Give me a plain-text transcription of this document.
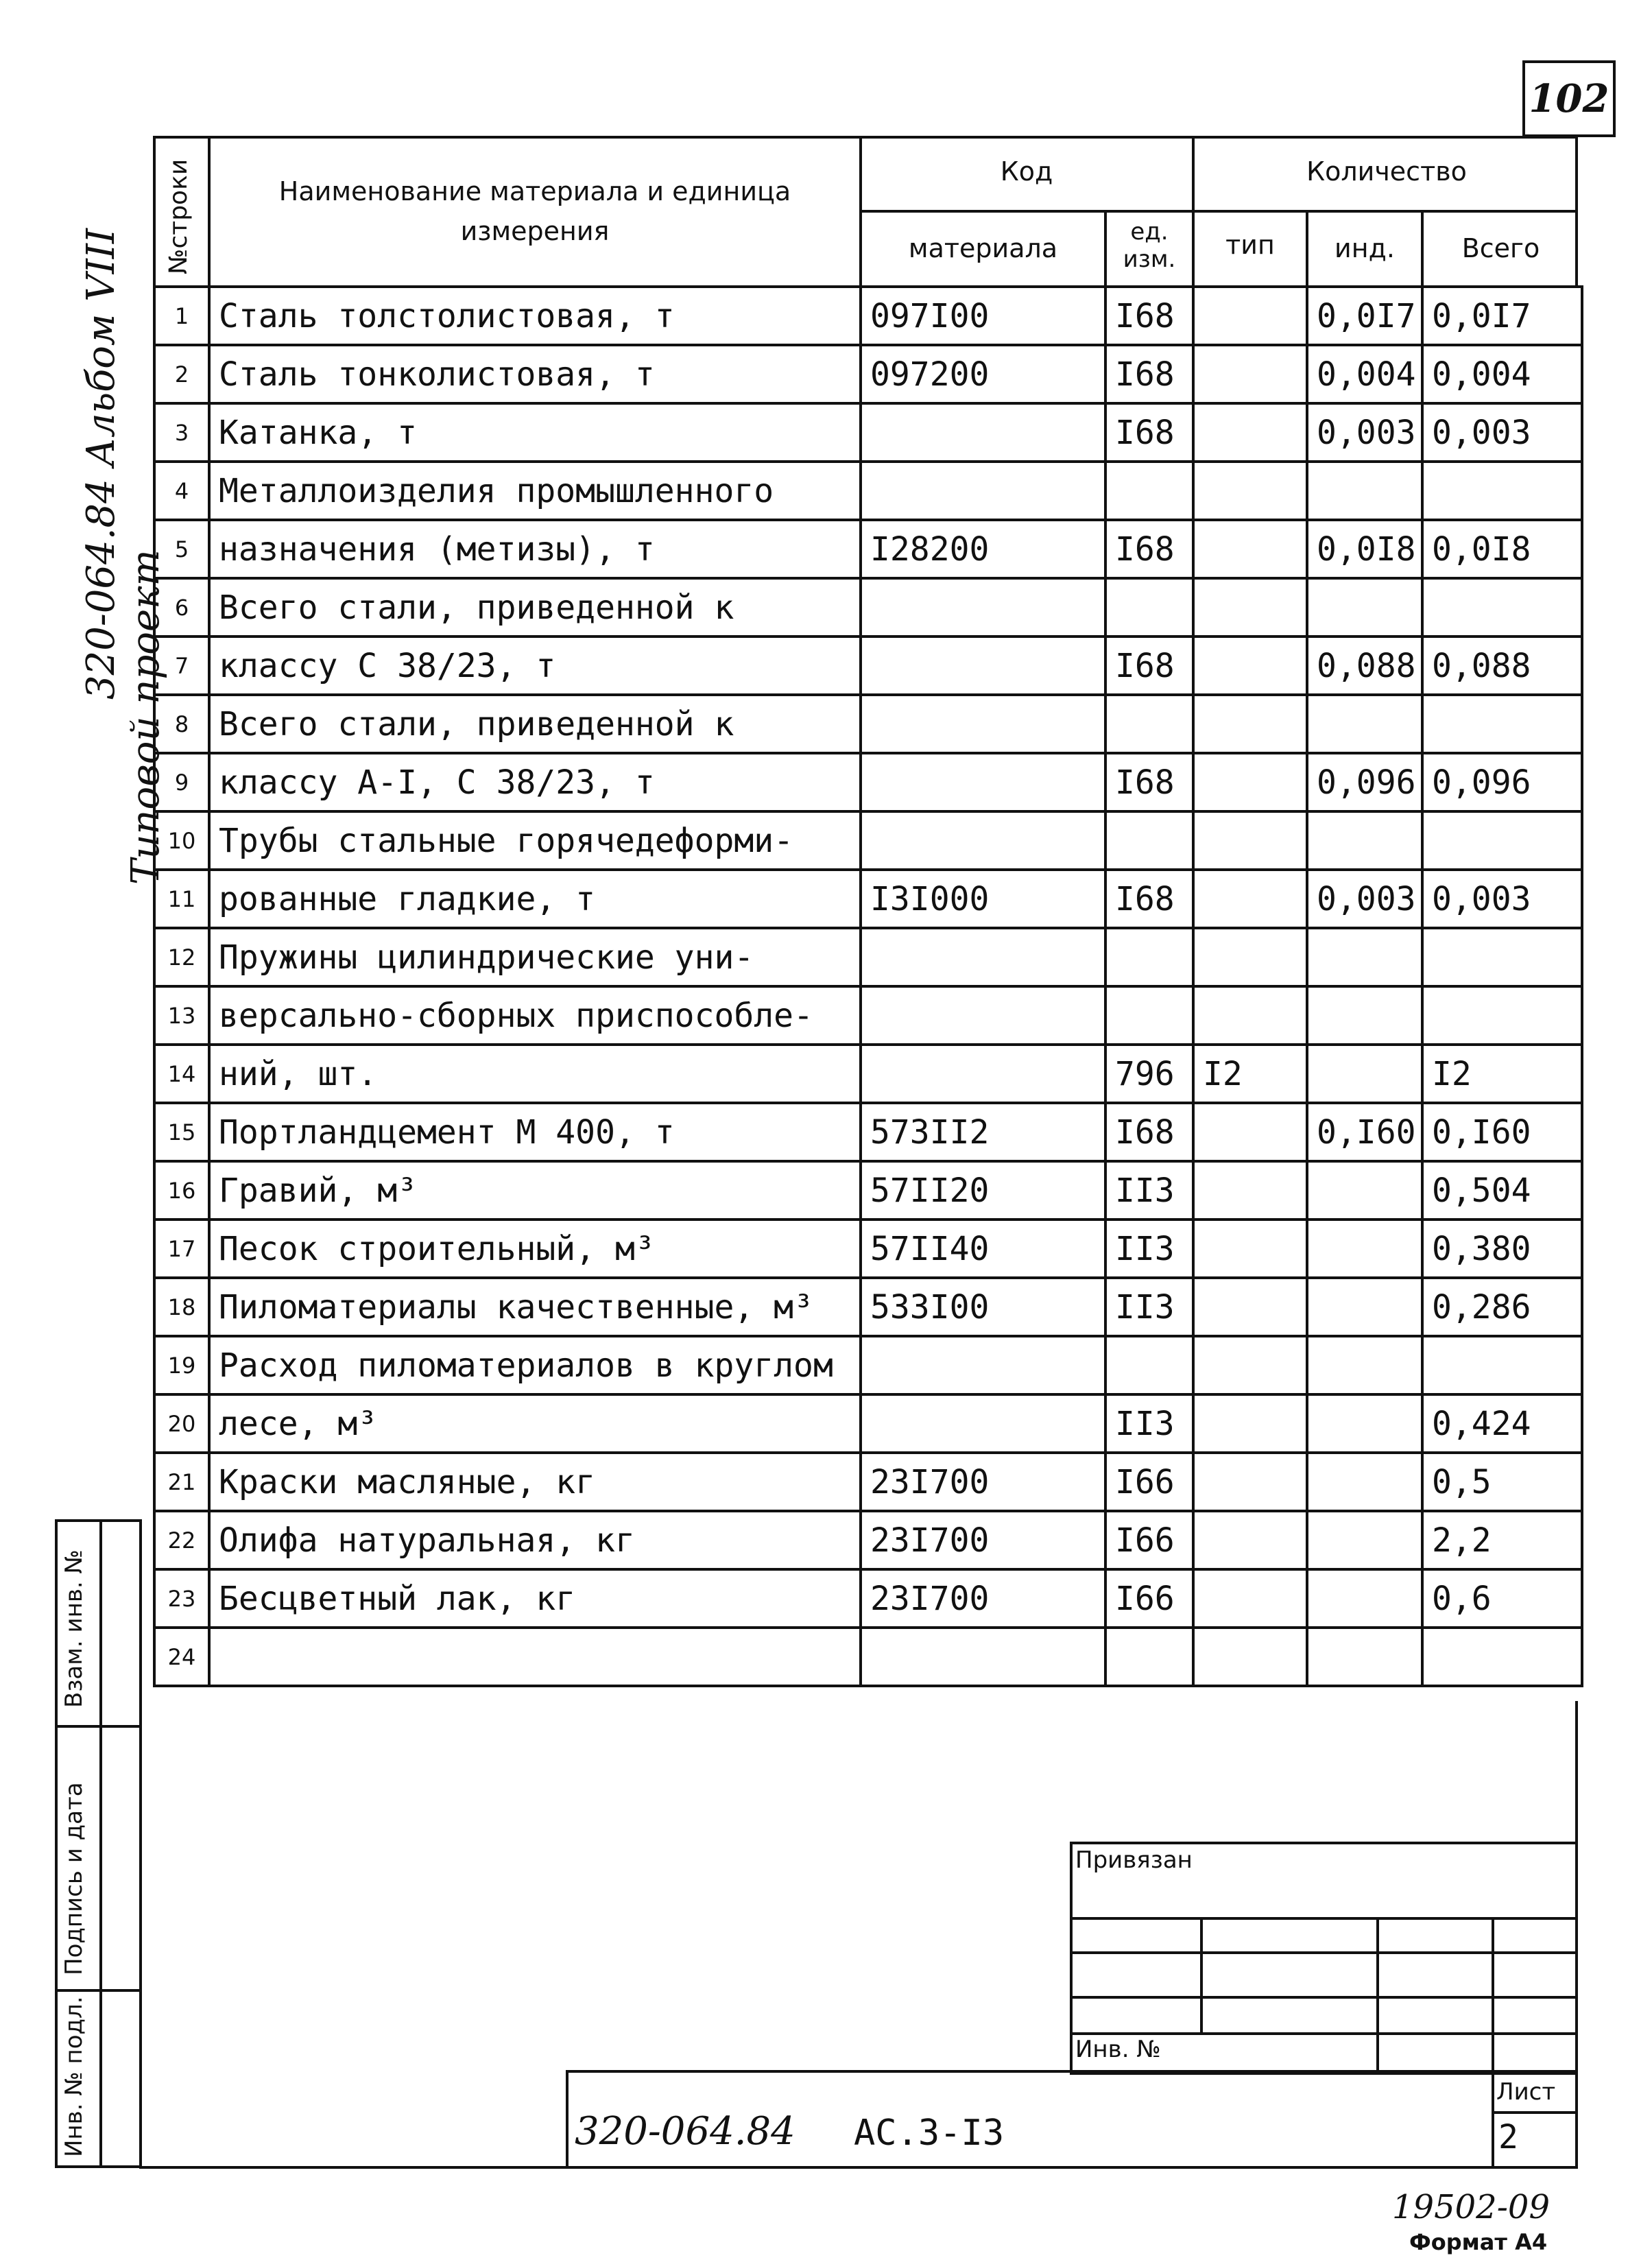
102
320-064.84 Альбом VIII
Типовой проект
№строки	Наименование материала и единица измерения
Код
материала
ед. изм.
Количество
тип	инд.	Всего
1	Сталь толстолистовая, т	097I00	I68		0,0I7	0,0I7
2	Сталь тонколистовая, т	097200	I68		0,004	0,004
3	Катанка, т		I68		0,003	0,003
4	Металлоизделия промышленного					
5	назначения (метизы), т	I28200	I68		0,0I8	0,0I8
6	Всего стали, приведенной к					
7	классу С 38/23, т		I68		0,088	0,088
8	Всего стали, приведенной к					
9	классу А-I, С 38/23, т		I68		0,096	0,096
10	Трубы стальные горячедеформи-					
11	рованные гладкие, т	I3I000	I68		0,003	0,003
12	Пружины цилиндрические уни-					
13	версально-сборных приспособле-					
14	ний, шт.		796	I2		I2
15	Портландцемент М 400, т	573II2	I68		0,I60	0,I60
16	Гравий, м³	57II20	II3			0,504
17	Песок строительный, м³	57II40	II3			0,380
18	Пиломатериалы качественные, м³	533I00	II3			0,286
19	Расход пиломатериалов в круглом					
20	лесе, м³		II3			0,424
21	Краски масляные, кг	23I700	I66			0,5
22	Олифа натуральная, кг	23I700	I66			2,2
23	Бесцветный лак, кг	23I700	I66			0,6
24						
Взам. инв. №
Подпись и дата
Инв. № подл.
Привязан
Инв. №
320-064.84 АС.3-I3
Лист
2
19502-09
Формат А4
